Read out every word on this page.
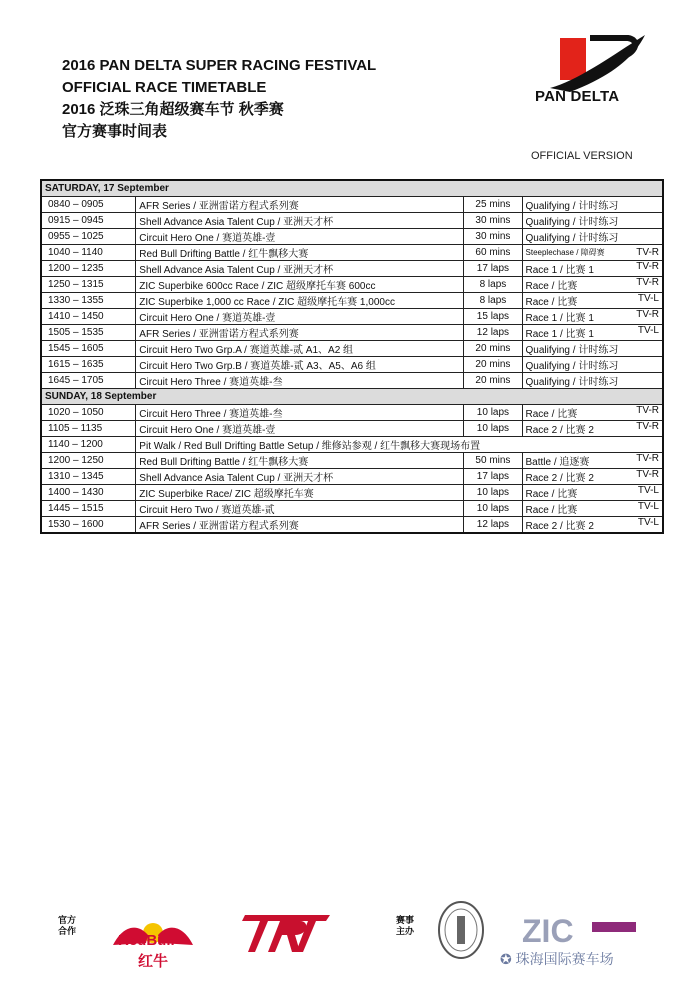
2016 PAN DELTA SUPER RACING FESTIVAL
OFFICIAL RACE TIMETABLE
2016 泛珠三角超级赛车节 秋季赛
官方赛事时间表
PAN DELTA
OFFICIAL VERSION
SATURDAY, 17 September			
0840 – 0905	AFR Series / 亚洲雷诺方程式系列赛	25 mins	Qualifying / 计时练习

0915 – 0945	Shell Advance Asia Talent Cup / 亚洲天才杯	30 mins	Qualifying / 计时练习

0955 – 1025	Circuit Hero One / 赛道英雄-壹	30 mins	Qualifying / 计时练习

1040 – 1140	Red Bull Drifting Battle / 红牛飘移大赛	60 mins	Steeplechase / 障碍赛 TV-R

1200 – 1235	Shell Advance Asia Talent Cup / 亚洲天才杯	17 laps	Race 1 / 比赛 1 TV-R

1250 – 1315	ZIC Superbike 600cc Race / ZIC 超级摩托车赛 600cc	8 laps	Race / 比赛 TV-R

1330 – 1355	ZIC Superbike 1,000 cc Race / ZIC 超级摩托车赛 1,000cc	8 laps	Race / 比赛 TV-L

1410 – 1450	Circuit Hero One / 赛道英雄-壹	15 laps	Race 1 / 比赛 1 TV-R

1505 – 1535	AFR Series / 亚洲雷诺方程式系列赛	12 laps	Race 1 / 比赛 1 TV-L

1545 – 1605	Circuit Hero Two Grp.A / 赛道英雄-贰 A1、A2 组	20 mins	Qualifying / 计时练习

1615 – 1635	Circuit Hero Two Grp.B / 赛道英雄-贰 A3、A5、A6 组	20 mins	Qualifying / 计时练习

1645 – 1705	Circuit Hero Three / 赛道英雄-叁	20 mins	Qualifying / 计时练习

SUNDAY, 18 September			
1020 – 1050	Circuit Hero Three / 赛道英雄-叁	10 laps	Race / 比赛 TV-R

1105 – 1135	Circuit Hero One / 赛道英雄-壹	10 laps	Race 2 / 比赛 2 TV-R

1140 – 1200	Pit Walk / Red Bull Drifting Battle Setup / 维修站参观 / 红牛飘移大赛现场布置		
1200 – 1250	Red Bull Drifting Battle / 红牛飘移大赛	50 mins	Battle / 追逐赛 TV-R

1310 – 1345	Shell Advance Asia Talent Cup / 亚洲天才杯	17 laps	Race 2 / 比赛 2 TV-R

1400 – 1430	ZIC Superbike Race/ ZIC 超级摩托车赛	10 laps	Race / 比赛 TV-L

1445 – 1515	Circuit Hero Two / 赛道英雄-贰	10 laps	Race / 比赛 TV-L

1530 – 1600	AFR Series / 亚洲雷诺方程式系列赛	12 laps	Race 2 / 比赛 2 TV-L
官方合作
RedBull
红牛
赛事主办	ZIC
✪ 珠海国际赛车场
